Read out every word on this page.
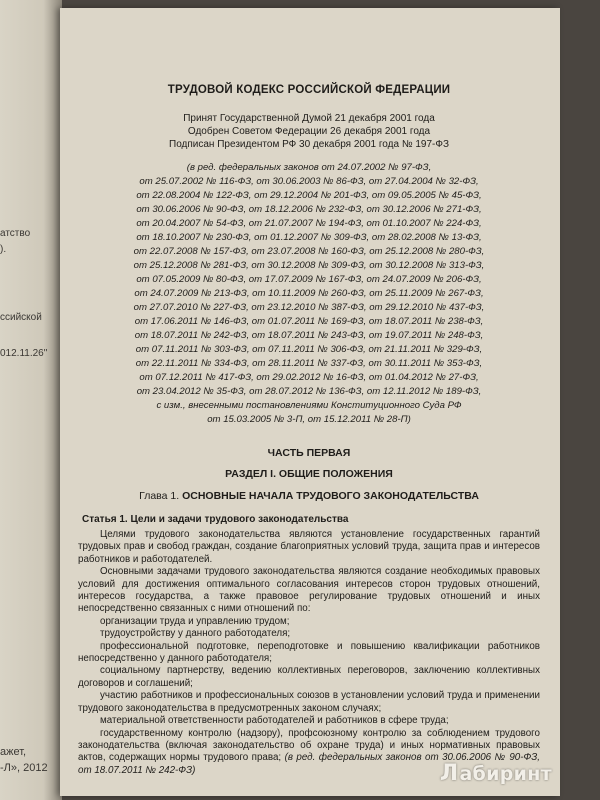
атство
).
ссийской
012.11.26"
ажет,
-Л», 2012
ТРУДОВОЙ КОДЕКС РОССИЙСКОЙ ФЕДЕРАЦИИ
Принят Государственной Думой 21 декабря 2001 года
Одобрен Советом Федерации 26 декабря 2001 года
Подписан Президентом РФ 30 декабря 2001 года № 197-ФЗ
(в ред. федеральных законов от 24.07.2002 № 97-ФЗ,
от 25.07.2002 № 116-ФЗ, от 30.06.2003 № 86-ФЗ, от 27.04.2004 № 32-ФЗ,
от 22.08.2004 № 122-ФЗ, от 29.12.2004 № 201-ФЗ, от 09.05.2005 № 45-ФЗ,
от 30.06.2006 № 90-ФЗ, от 18.12.2006 № 232-ФЗ, от 30.12.2006 № 271-ФЗ,
от 20.04.2007 № 54-ФЗ, от 21.07.2007 № 194-ФЗ, от 01.10.2007 № 224-ФЗ,
от 18.10.2007 № 230-ФЗ, от 01.12.2007 № 309-ФЗ, от 28.02.2008 № 13-ФЗ,
от 22.07.2008 № 157-ФЗ, от 23.07.2008 № 160-ФЗ, от 25.12.2008 № 280-ФЗ,
от 25.12.2008 № 281-ФЗ, от 30.12.2008 № 309-ФЗ, от 30.12.2008 № 313-ФЗ,
от 07.05.2009 № 80-ФЗ, от 17.07.2009 № 167-ФЗ, от 24.07.2009 № 206-ФЗ,
от 24.07.2009 № 213-ФЗ, от 10.11.2009 № 260-ФЗ, от 25.11.2009 № 267-ФЗ,
от 27.07.2010 № 227-ФЗ, от 23.12.2010 № 387-ФЗ, от 29.12.2010 № 437-ФЗ,
от 17.06.2011 № 146-ФЗ, от 01.07.2011 № 169-ФЗ, от 18.07.2011 № 238-ФЗ,
от 18.07.2011 № 242-ФЗ, от 18.07.2011 № 243-ФЗ, от 19.07.2011 № 248-ФЗ,
от 07.11.2011 № 303-ФЗ, от 07.11.2011 № 306-ФЗ, от 21.11.2011 № 329-ФЗ,
от 22.11.2011 № 334-ФЗ, от 28.11.2011 № 337-ФЗ, от 30.11.2011 № 353-ФЗ,
от 07.12.2011 № 417-ФЗ, от 29.02.2012 № 16-ФЗ, от 01.04.2012 № 27-ФЗ,
от 23.04.2012 № 35-ФЗ, от 28.07.2012 № 136-ФЗ, от 12.11.2012 № 189-ФЗ,
с изм., внесенными постановлениями Конституционного Суда РФ
от 15.03.2005 № 3-П, от 15.12.2011 № 28-П)
ЧАСТЬ ПЕРВАЯ
РАЗДЕЛ I. ОБЩИЕ ПОЛОЖЕНИЯ
Глава 1. ОСНОВНЫЕ НАЧАЛА ТРУДОВОГО ЗАКОНОДАТЕЛЬСТВА
Статья 1. Цели и задачи трудового законодательства

Целями трудового законодательства являются установление государственных гарантий трудовых прав и свобод граждан, создание благоприятных условий труда, защита прав и интересов работников и работодателей.

Основными задачами трудового законодательства являются создание необходимых правовых условий для достижения оптимального согласования интересов сторон трудовых отношений, интересов государства, а также правовое регулирование трудовых отношений и иных непосредственно связанных с ними отношений по:

организации труда и управлению трудом;

трудоустройству у данного работодателя;

профессиональной подготовке, переподготовке и повышению квалификации работников непосредственно у данного работодателя;

социальному партнерству, ведению коллективных переговоров, заключению коллективных договоров и соглашений;

участию работников и профессиональных союзов в установлении условий труда и применении трудового законодательства в предусмотренных законом случаях;

материальной ответственности работодателей и работников в сфере труда;

государственному контролю (надзору), профсоюзному контролю за соблюдением трудового законодательства (включая законодательство об охране труда) и иных нормативных правовых актов, содержащих нормы трудового права; (в ред. федеральных законов от 30.06.2006 № 90-ФЗ, от 18.07.2011 № 242-ФЗ)	Л абиринт
